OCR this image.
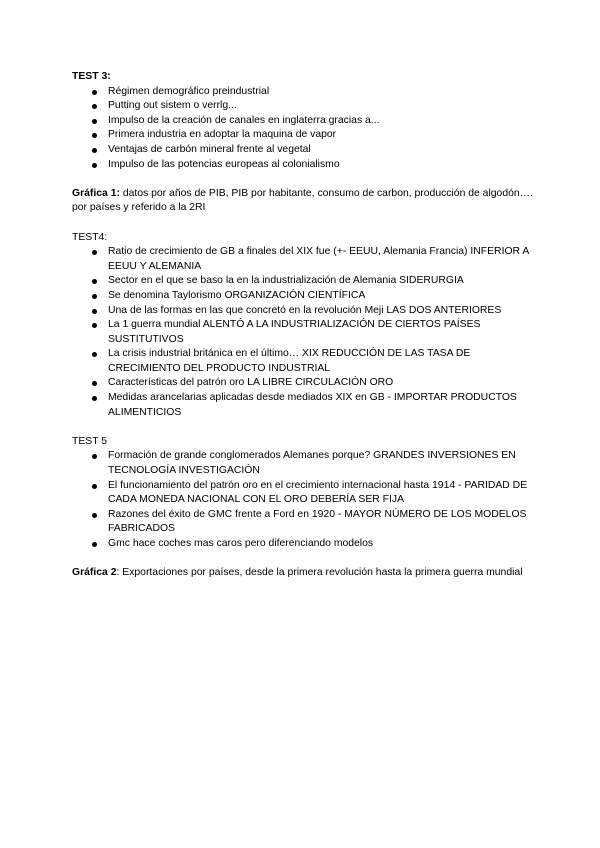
TEST 3:

Régimen demográfico preindustrial
Putting out sistem o verrlg...
Impulso de la creación de canales en inglaterra gracias a...
Primera industria en adoptar la maquina de vapor
Ventajas de carbón mineral frente al vegetal
Impulso de las potencias europeas al colonialismo

Gráfica 1: datos por años de PIB, PIB por habitante, consumo de carbon, producción de algodón…. por países y referido a la 2RI

TEST4:

Ratio de crecimiento de GB a finales del XIX fue (+- EEUU, Alemania Francia) INFERIOR A EEUU Y ALEMANIA
Sector en el que se baso la en la industrialización de Alemania SIDERURGIA
Se denomina Taylorismo ORGANIZACIÓN CIENTÍFICA
Una de las formas en las que concretó en la revolución Meji LAS DOS ANTERIORES
La 1 guerra mundial ALENTÓ A LA INDUSTRIALIZACIÓN DE CIERTOS PAÍSES SUSTITUTIVOS
La crisis industrial británica en el último… XIX REDUCCIÓN DE LAS TASA DE CRECIMIENTO DEL PRODUCTO INDUSTRIAL
Características del patrón oro LA LIBRE CIRCULACIÓN ORO
Medidas arancelarias aplicadas desde mediados XIX en GB - IMPORTAR PRODUCTOS ALIMENTICIOS

TEST 5

Formación de grande conglomerados Alemanes porque? GRANDES INVERSIONES EN TECNOLOGÍA INVESTIGACIÓN
El funcionamiento del patrón oro en el crecimiento internacional hasta 1914 - PARIDAD DE CADA MONEDA NACIONAL CON EL ORO DEBERÍA SER FIJA
Razones del éxito de GMC frente a Ford en 1920 - MAYOR NÚMERO DE LOS MODELOS FABRICADOS
Gmc hace coches mas caros pero diferenciando modelos

Gráfica 2: Exportaciones por países, desde la primera revolución hasta la primera guerra mundial
